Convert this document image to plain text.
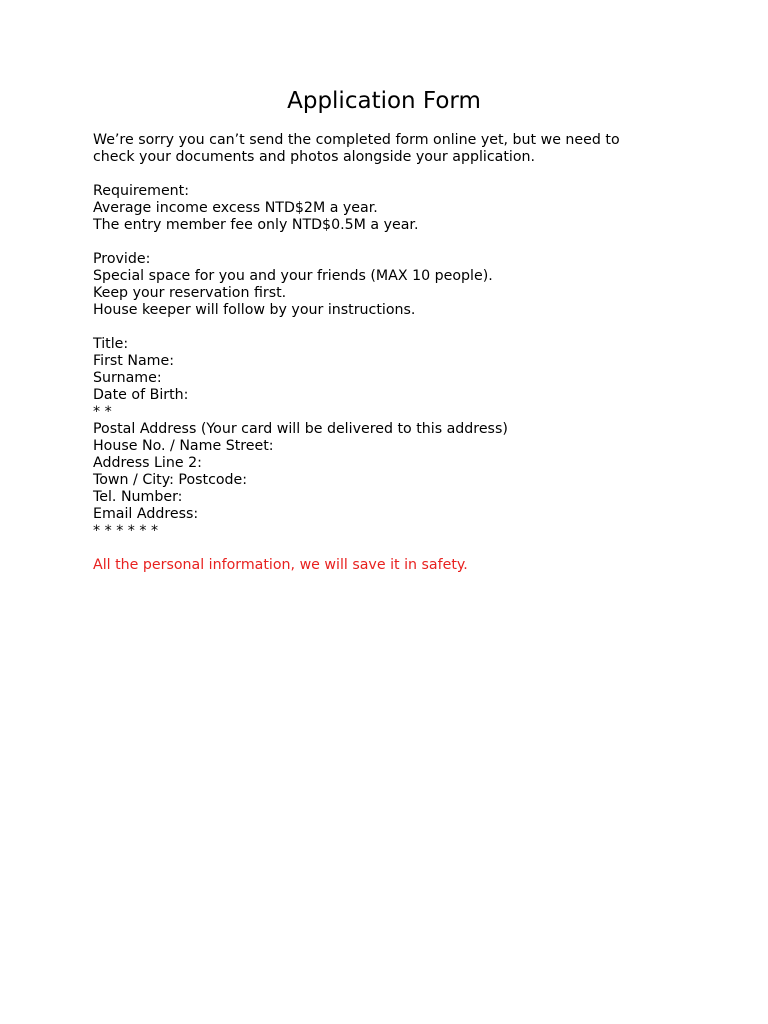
Application Form
We’re sorry you can’t send the completed form online yet, but we need to
check your documents and photos alongside your application.
Requirement:
Average income excess NTD$2M a year.
The entry member fee only NTD$0.5M a year.
Provide:
Special space for you and your friends (MAX 10 people).
Keep your reservation first.
House keeper will follow by your instructions.
Title:
First Name:
Surname:
Date of Birth:
* *
Postal Address (Your card will be delivered to this address)
House No. / Name Street:
Address Line 2:
Town / City: Postcode:
Tel. Number:
Email Address:
* * * * * *
All the personal information, we will save it in safety.
